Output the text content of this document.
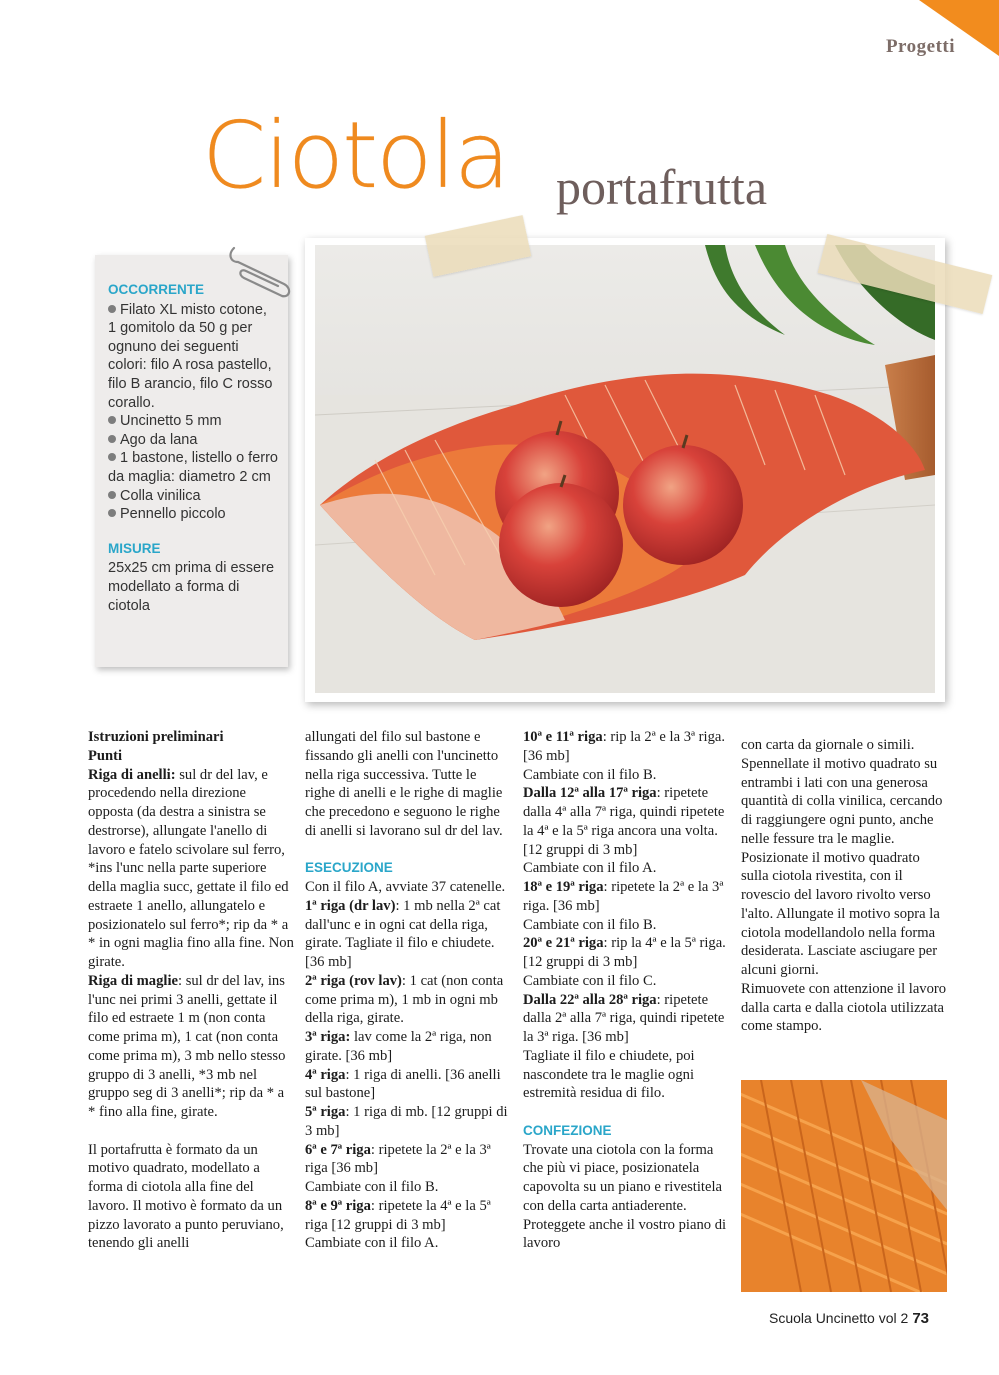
Progetti
Ciotola portafrutta
OCCORRENTE
Filato XL misto cotone, 1 gomitolo da 50 g per ognuno dei seguenti colori: filo A rosa pastello, filo B arancio, filo C rosso corallo.
Uncinetto 5 mm
Ago da lana
1 bastone, listello o ferro da maglia: diametro 2 cm
Colla vinilica
Pennello piccolo
MISURE
25x25 cm prima di essere modellato a forma di ciotola

Istruzioni preliminari

Punti

Riga di anelli: sul dr del lav, e procedendo nella direzione opposta (da destra a sinistra se destrorse), allungate l'anello di lavoro e fatelo scivolare sul ferro, *ins l'unc nella parte superiore della maglia succ, gettate il filo ed estraete 1 anello, allungatelo e posizionatelo sul ferro*; rip da * a * in ogni maglia fino alla fine. Non girate.

Riga di maglie: sul dr del lav, ins l'unc nei primi 3 anelli, gettate il filo ed estraete 1 m (non conta come prima m), 1 cat (non conta come prima m), 3 mb nello stesso gruppo di 3 anelli, *3 mb nel gruppo seg di 3 anelli*; rip da * a * fino alla fine, girate.

Il portafrutta è formato da un motivo quadrato, modellato a forma di ciotola alla fine del lavoro. Il motivo è formato da un pizzo lavorato a punto peruviano, tenendo gli anelli

allungati del filo sul bastone e fissando gli anelli con l'uncinetto nella riga successiva. Tutte le righe di anelli e le righe di maglie che precedono e seguono le righe di anelli si lavorano sul dr del lav.

ESECUZIONE

Con il filo A, avviate 37 catenelle.

1ª riga (dr lav): 1 mb nella 2ª cat dall'unc e in ogni cat della riga, girate. Tagliate il filo e chiudete. [36 mb]

2ª riga (rov lav): 1 cat (non conta come prima m), 1 mb in ogni mb della riga, girate.

3ª riga: lav come la 2ª riga, non girate. [36 mb]

4ª riga: 1 riga di anelli. [36 anelli sul bastone]

5ª riga: 1 riga di mb. [12 gruppi di 3 mb]

6ª e 7ª riga: ripetete la 2ª e la 3ª riga [36 mb]

Cambiate con il filo B.

8ª e 9ª riga: ripetete la 4ª e la 5ª riga [12 gruppi di 3 mb]

Cambiate con il filo A.

10ª e 11ª riga: rip la 2ª e la 3ª riga. [36 mb]

Cambiate con il filo B.

Dalla 12ª alla 17ª riga: ripetete dalla 4ª alla 7ª riga, quindi ripetete la 4ª e la 5ª riga ancora una volta. [12 gruppi di 3 mb]

Cambiate con il filo A.

18ª e 19ª riga: ripetete la 2ª e la 3ª riga. [36 mb]

Cambiate con il filo B.

20ª e 21ª riga: rip la 4ª e la 5ª riga. [12 gruppi di 3 mb]

Cambiate con il filo C.

Dalla 22ª alla 28ª riga: ripetete dalla 2ª alla 7ª riga, quindi ripetete la 3ª riga. [36 mb]

Tagliate il filo e chiudete, poi nascondete tra le maglie ogni estremità residua di filo.

CONFEZIONE

Trovate una ciotola con la forma che più vi piace, posizionatela capovolta su un piano e rivestitela con della carta antiaderente. Proteggete anche il vostro piano di lavoro

con carta da giornale o simili. Spennellate il motivo quadrato su entrambi i lati con una generosa quantità di colla vinilica, cercando di raggiungere ogni punto, anche nelle fessure tra le maglie. Posizionate il motivo quadrato sulla ciotola rivestita, con il rovescio del lavoro rivolto verso l'alto. Allungate il motivo sopra la ciotola modellandolo nella forma desiderata. Lasciate asciugare per alcuni giorni.

Rimuovete con attenzione il lavoro dalla carta e dalla ciotola utilizzata come stampo.

Scuola Uncinetto vol 2 73
